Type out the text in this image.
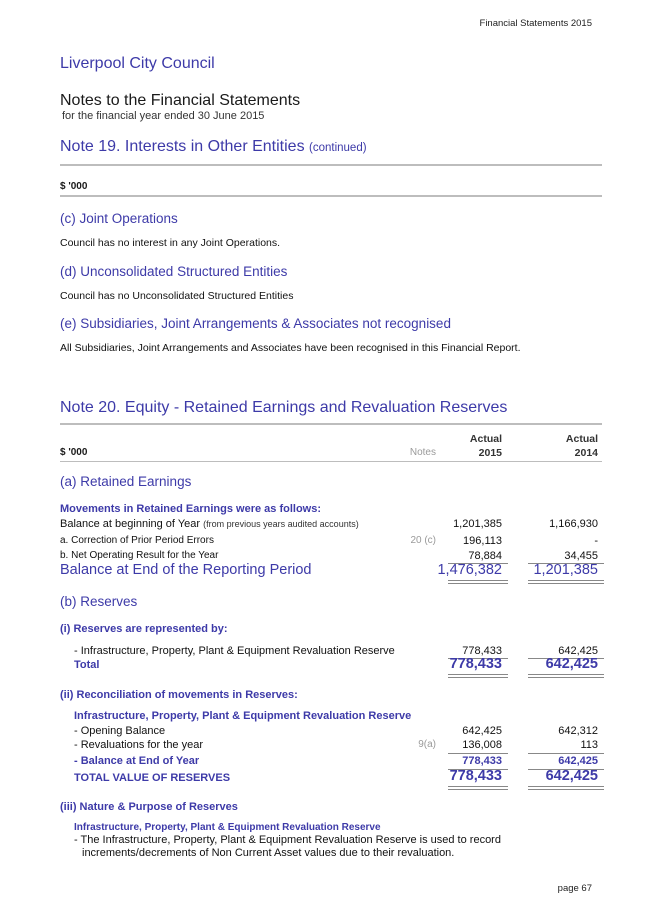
Financial Statements 2015
Liverpool City Council
Notes to the Financial Statements
for the financial year ended 30 June 2015
Note 19. Interests in Other Entities (continued)
$ '000
(c) Joint Operations
Council has no interest in any Joint Operations.
(d) Unconsolidated Structured Entities
Council has no Unconsolidated Structured Entities
(e) Subsidiaries, Joint Arrangements & Associates not recognised
All Subsidiaries, Joint Arrangements and Associates have been recognised in this Financial Report.
Note 20. Equity - Retained Earnings and Revaluation Reserves
Actual	Actual
$ '000	Notes	2015	2014
(a) Retained Earnings
Movements in Retained Earnings were as follows:
Balance at beginning of Year (from previous years audited accounts)	1,201,385	1,166,930
a. Correction of Prior Period Errors	20 (c)	196,113	-
b. Net Operating Result for the Year	78,884	34,455
Balance at End of the Reporting Period	1,476,382	1,201,385
(b) Reserves
(i) Reserves are represented by:
- Infrastructure, Property, Plant & Equipment Revaluation Reserve	778,433	642,425
Total	778,433	642,425
(ii) Reconciliation of movements in Reserves:
Infrastructure, Property, Plant & Equipment Revaluation Reserve
- Opening Balance	642,425	642,312
- Revaluations for the year	9(a)	136,008	113
- Balance at End of Year	778,433	642,425
TOTAL VALUE OF RESERVES	778,433	642,425
(iii) Nature & Purpose of Reserves
Infrastructure, Property, Plant & Equipment Revaluation Reserve
- The Infrastructure, Property, Plant & Equipment Revaluation Reserve is used to record
increments/decrements of Non Current Asset values due to their revaluation.
page 67
